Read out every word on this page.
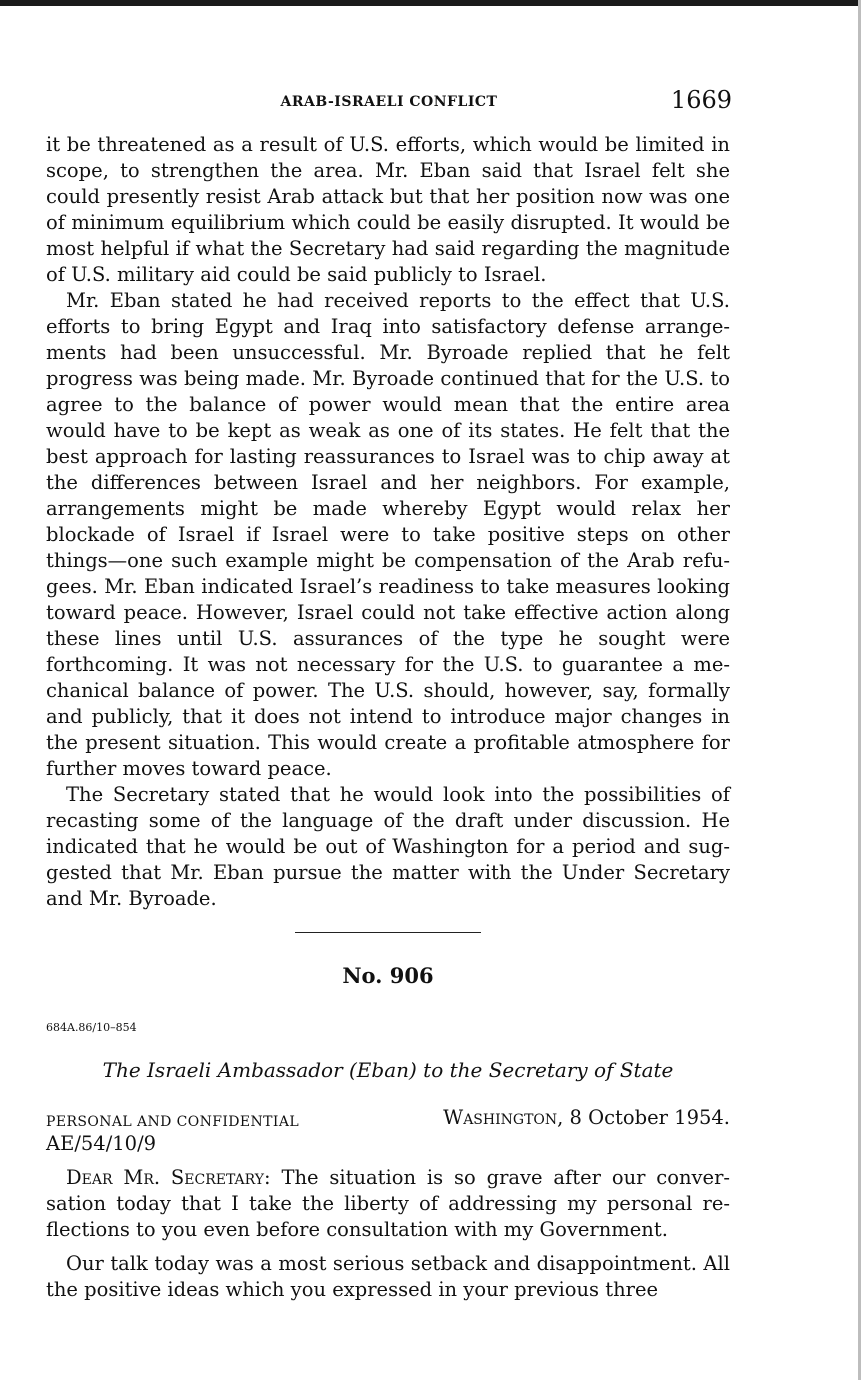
ARAB-ISRAELI CONFLICT	1669

it be threatened as a result of U.S. efforts, which would be limited in scope, to strengthen the area. Mr. Eban said that Israel felt she could presently resist Arab attack but that her position now was one of minimum equilibrium which could be easily disrupted. It would be most helpful if what the Secretary had said regarding the magnitude of U.S. military aid could be said publicly to Israel.

Mr. Eban stated he had received reports to the effect that U.S. efforts to bring Egypt and Iraq into satisfactory defense arrangements had been unsuccessful. Mr. Byroade replied that he felt progress was being made. Mr. Byroade continued that for the U.S. to agree to the balance of power would mean that the entire area would have to be kept as weak as one of its states. He felt that the best approach for lasting reassurances to Israel was to chip away at the differences between Israel and her neighbors. For example, arrangements might be made whereby Egypt would relax her blockade of Israel if Israel were to take positive steps on other things—one such example might be compensation of the Arab refugees. Mr. Eban indicated Israel’s readiness to take measures looking toward peace. However, Israel could not take effective action along these lines until U.S. assurances of the type he sought were forthcoming. It was not necessary for the U.S. to guarantee a mechanical balance of power. The U.S. should, however, say, formally and publicly, that it does not intend to introduce major changes in the present situation. This would create a profitable atmosphere for further moves toward peace.

The Secretary stated that he would look into the possibilities of recasting some of the language of the draft under discussion. He indicated that he would be out of Washington for a period and suggested that Mr. Eban pursue the matter with the Under Secretary and Mr. Byroade.

No. 906
684A.86/10–854
The Israeli Ambassador (Eban) to the Secretary of State
PERSONAL AND CONFIDENTIAL	Washington, 8 October 1954.
AE/54/10/9

Dear Mr. Secretary: The situation is so grave after our conversation today that I take the liberty of addressing my personal reflections to you even before consultation with my Government.

Our talk today was a most serious setback and disappointment. All the positive ideas which you expressed in your previous three
